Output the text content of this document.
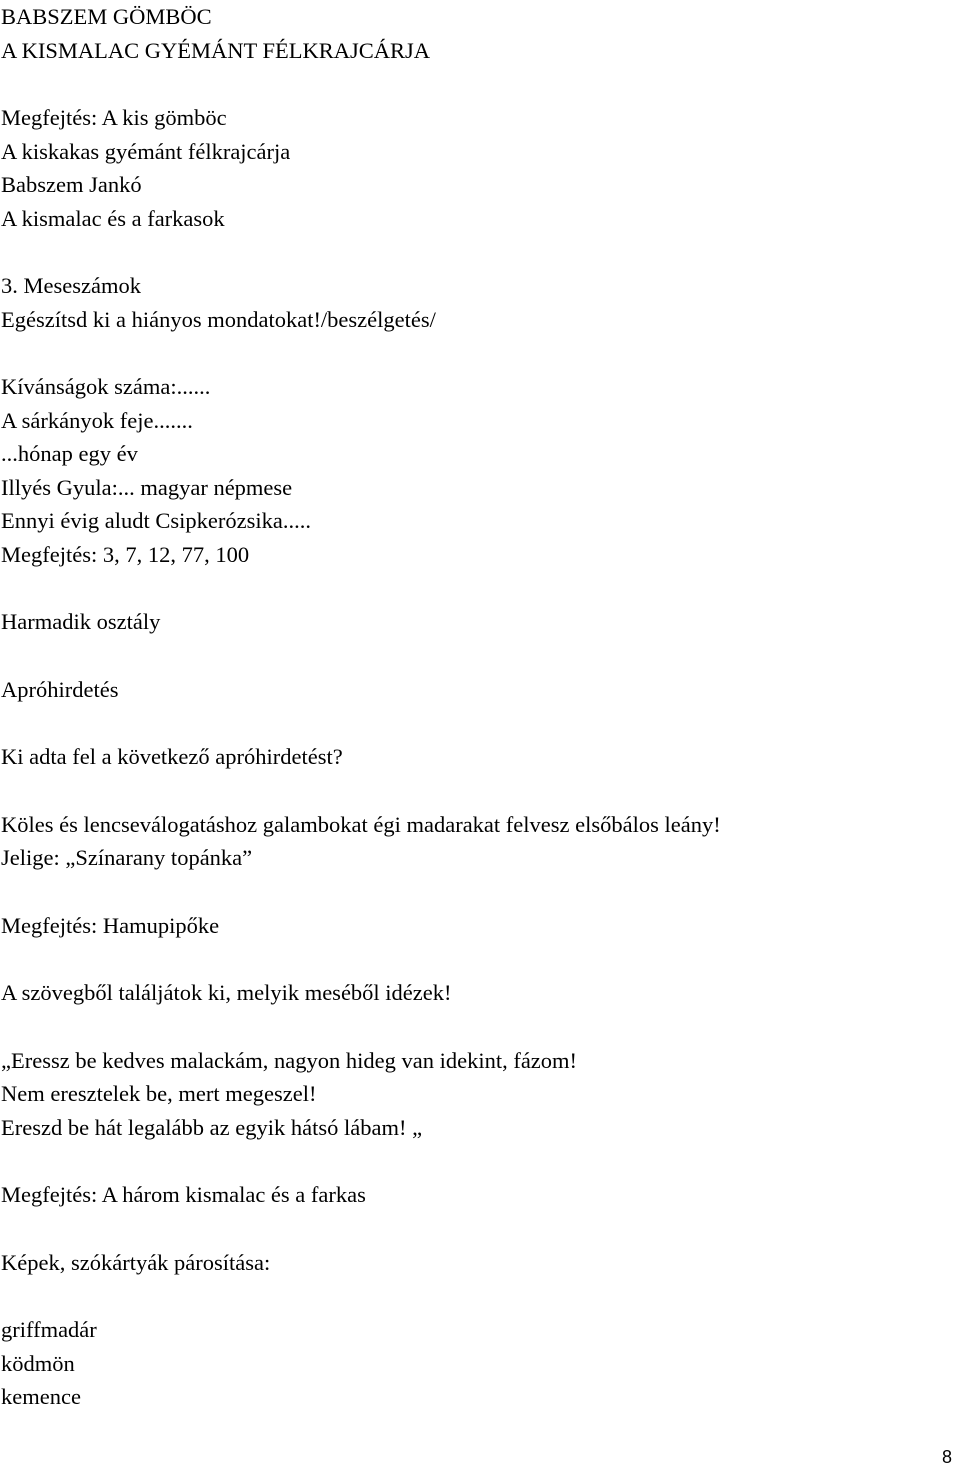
BABSZEM GÖMBÖC

A KISMALAC GYÉMÁNT FÉLKRAJCÁRJA

Megfejtés: A kis gömböc

A kiskakas gyémánt félkrajcárja

Babszem Jankó

A kismalac és a farkasok

3. Meseszámok

Egészítsd ki a hiányos mondatokat!/beszélgetés/

Kívánságok száma:......

A sárkányok feje.......

...hónap egy év

Illyés Gyula:... magyar népmese

Ennyi évig aludt Csipkerózsika.....

Megfejtés: 3, 7, 12, 77, 100

Harmadik osztály

Apróhirdetés

Ki adta fel a következő apróhirdetést?

Köles és lencseválogatáshoz galambokat égi madarakat felvesz elsőbálos leány!

Jelige: „Színarany topánka”

Megfejtés: Hamupipőke

A szövegből találjátok ki, melyik meséből idézek!

„Eressz be kedves malackám, nagyon hideg van idekint, fázom!

Nem eresztelek be, mert megeszel!

Ereszd be hát legalább az egyik hátsó lábam! „

Megfejtés: A három kismalac és a farkas

Képek, szókártyák párosítása:

griffmadár

ködmön

kemence

8
